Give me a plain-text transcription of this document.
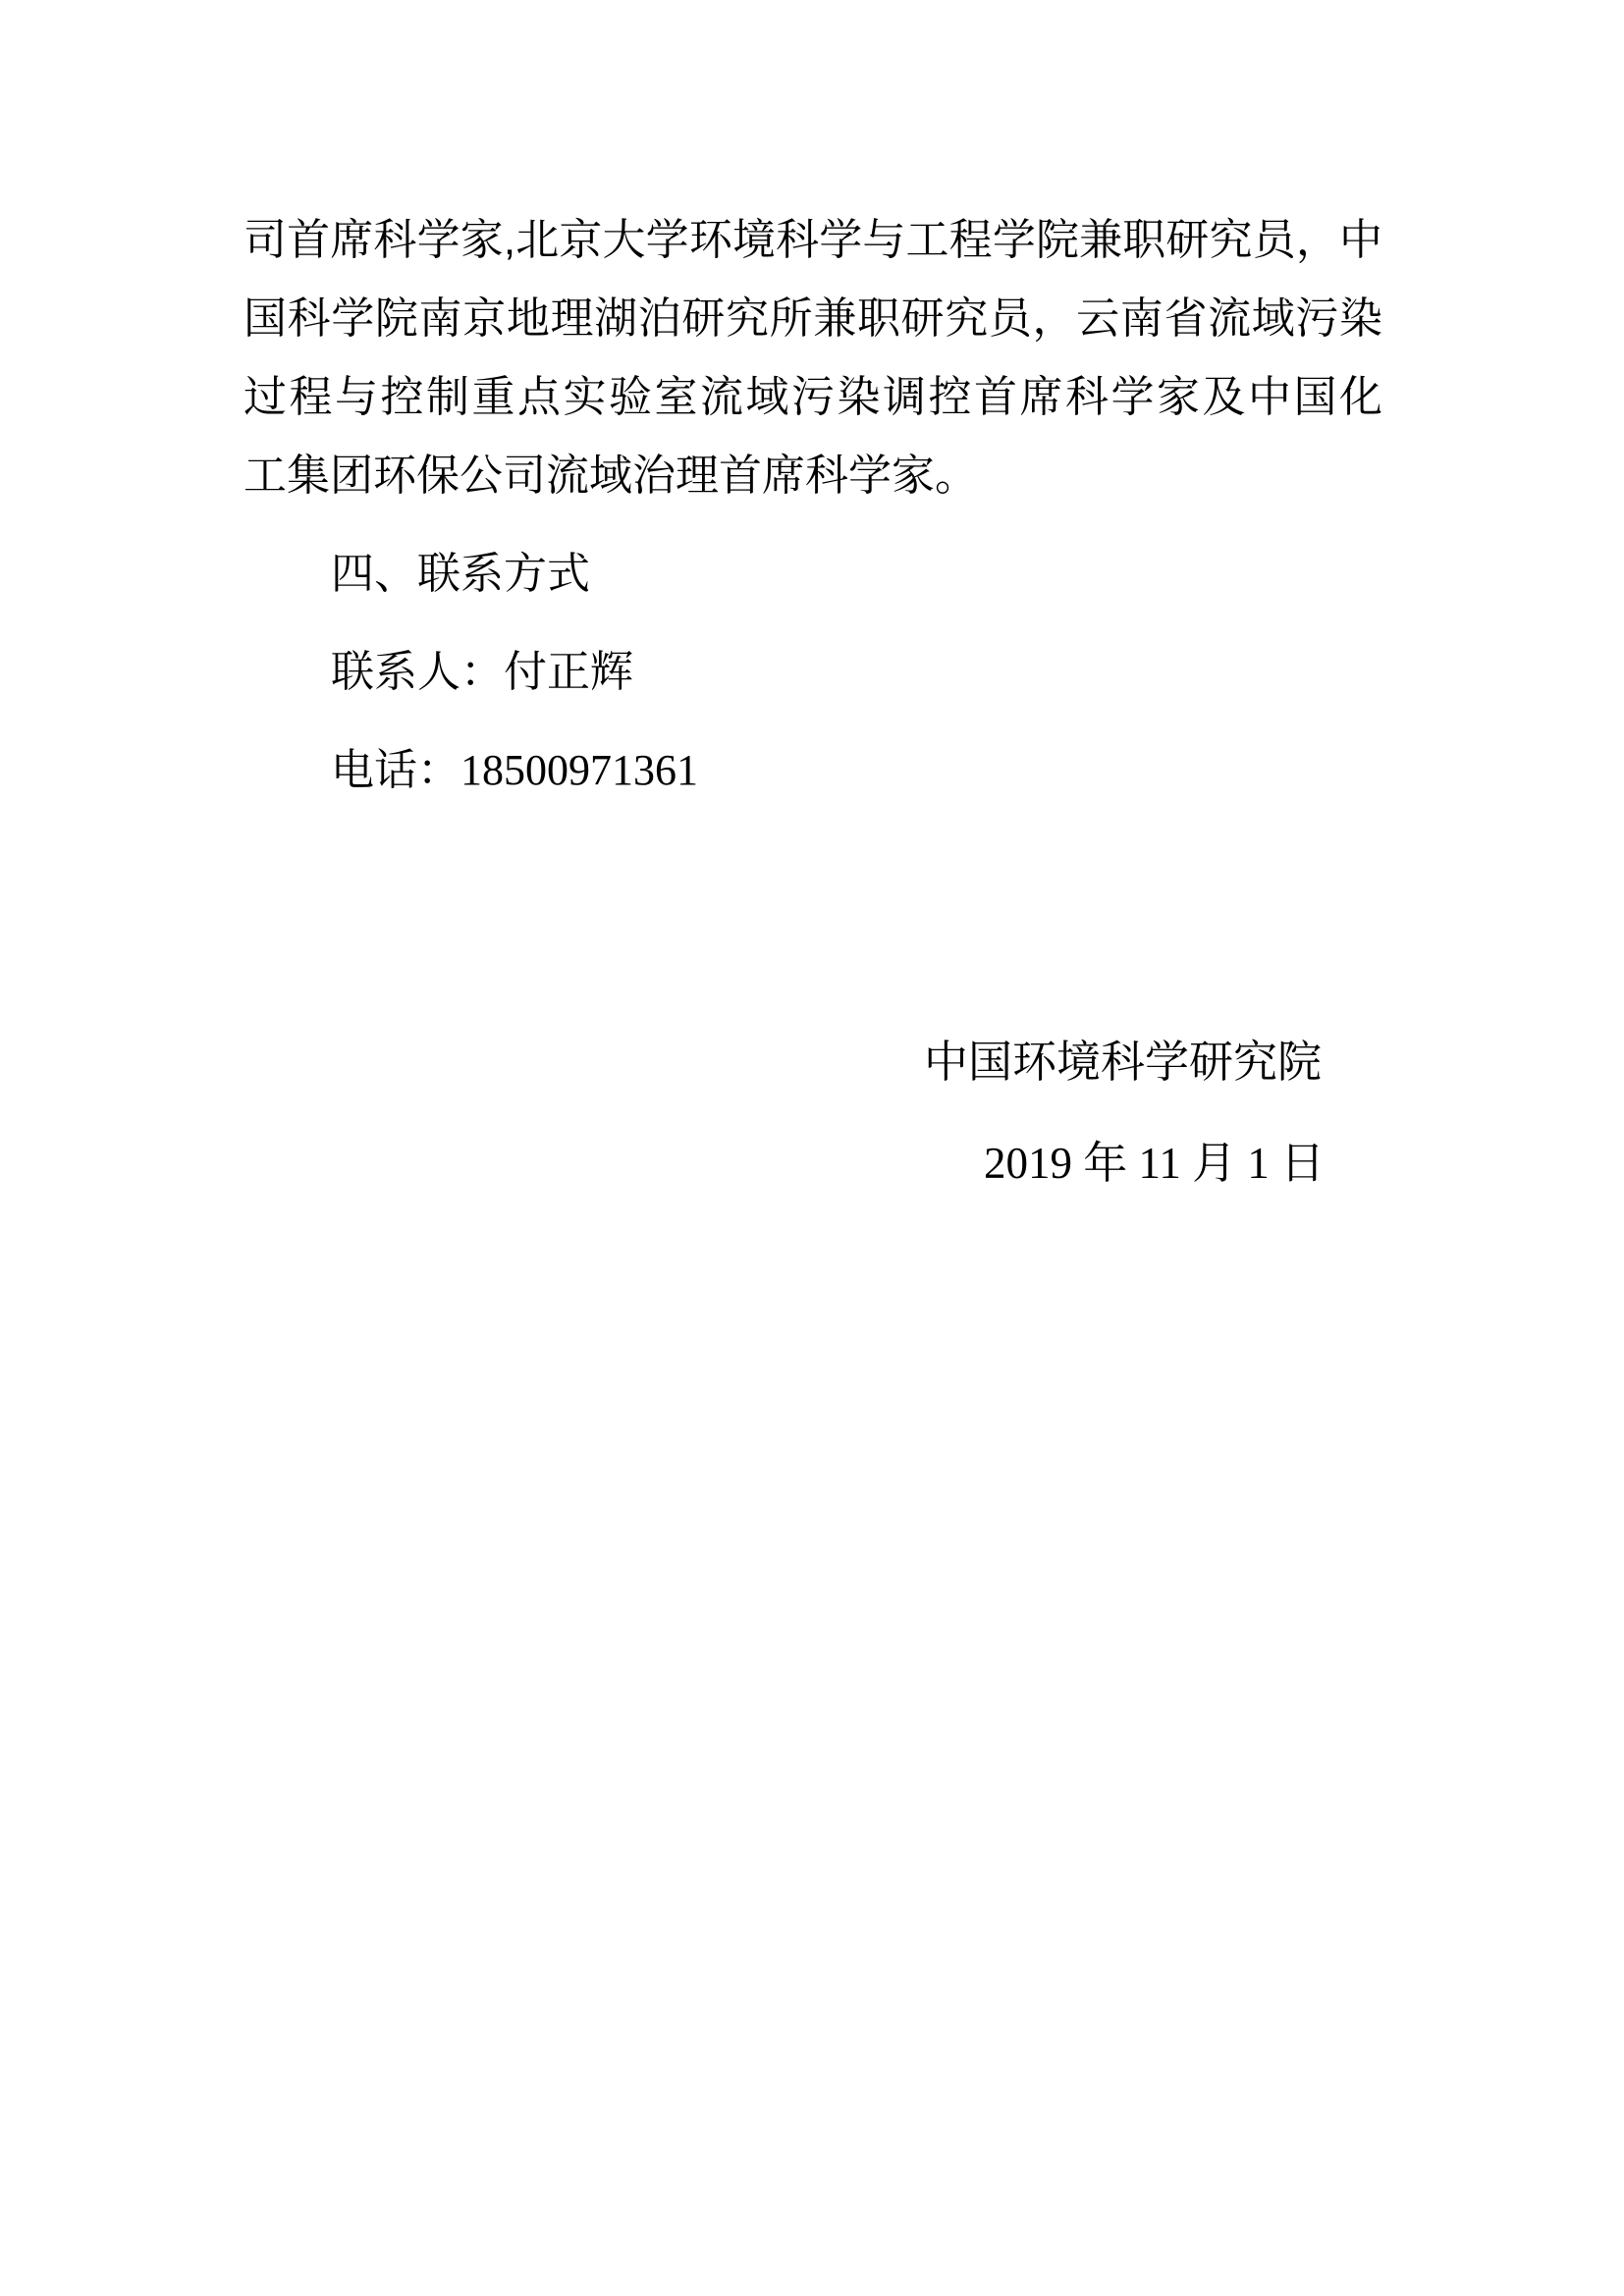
司首席科学家,北京大学环境科学与工程学院兼职研究员，中
国科学院南京地理湖泊研究所兼职研究员，云南省流域污染
过程与控制重点实验室流域污染调控首席科学家及中国化
工集团环保公司流域治理首席科学家。
四、联系方式
联系人：付正辉
电话：18500971361
中国环境科学研究院
2019 年 11 月 1 日
